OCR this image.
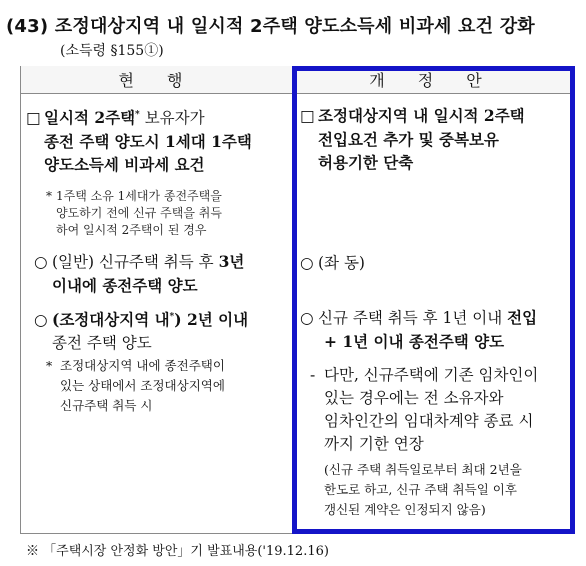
(43) 조정대상지역 내 일시적 2주택 양도소득세 비과세 요건 강화
(소득령 §155①)
현 행	개 정 안
□ 일시적 2주택* 보유자가
종전 주택 양도시 1세대 1주택
양도소득세 비과세 요건
* 1주택 소유 1세대가 종전주택을
양도하기 전에 신규 주택을 취득
하여 일시적 2주택이 된 경우
○ (일반) 신규주택 취득 후 3년
이내에 종전주택 양도
○ (조정대상지역 내*) 2년 이내
종전 주택 양도
* 조정대상지역 내에 종전주택이
있는 상태에서 조정대상지역에
신규주택 취득 시
□ 조정대상지역 내 일시적 2주택
전입요건 추가 및 중복보유
허용기한 단축
○ (좌 동)
○ 신규 주택 취득 후 1년 이내 전입
+ 1년 이내 종전주택 양도
- 다만, 신규주택에 기존 임차인이
있는 경우에는 전 소유자와
임차인간의 임대차계약 종료 시
까지 기한 연장
(신규 주택 취득일로부터 최대 2년을
한도로 하고, 신규 주택 취득일 이후
갱신된 계약은 인정되지 않음)
※ 「주택시장 안정화 방안」기 발표내용('19.12.16)
